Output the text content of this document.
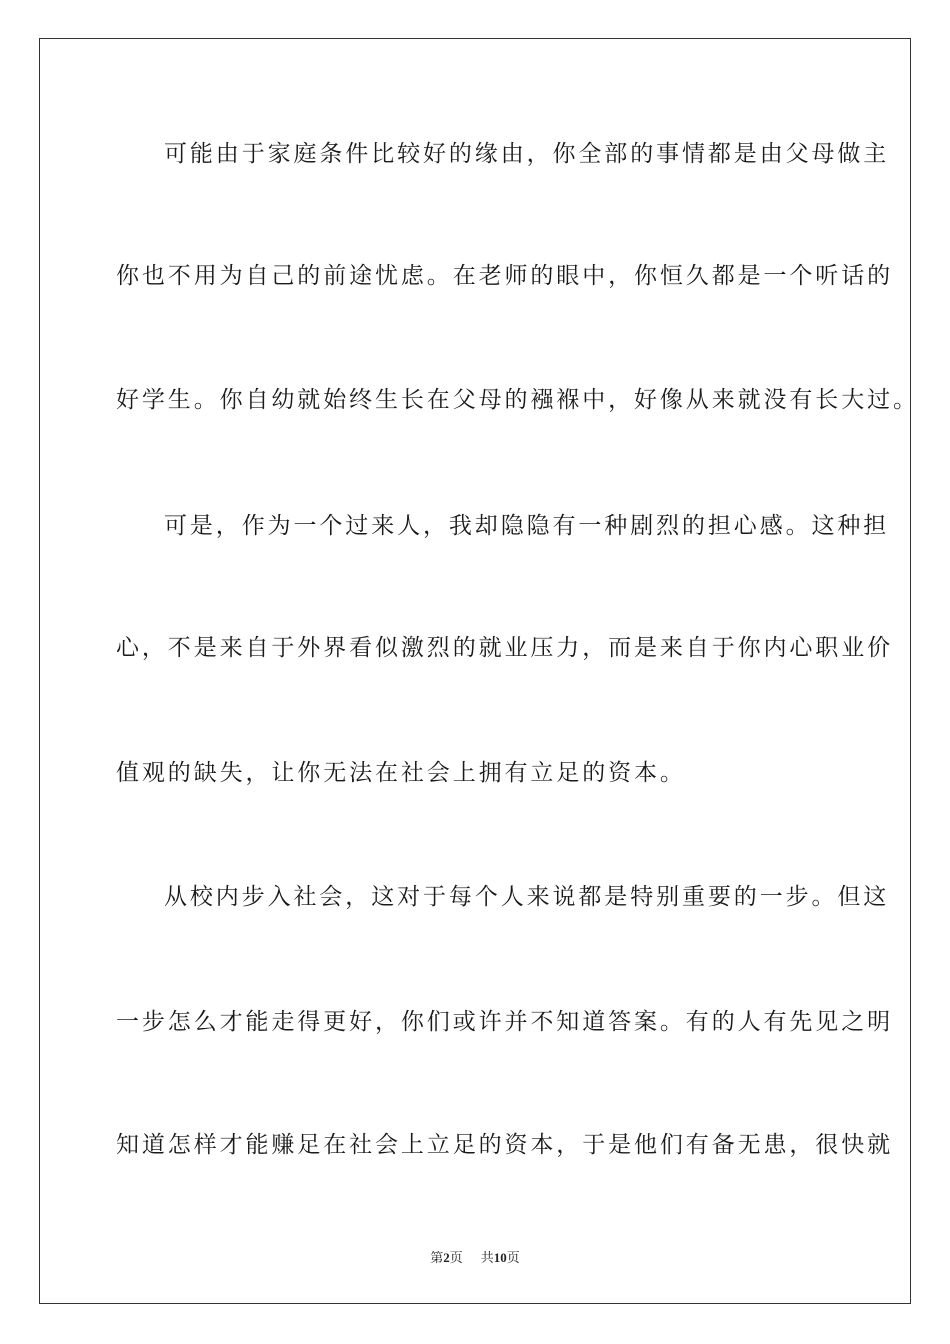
可能由于家庭条件比较好的缘由，你全部的事情都是由父母做主
你也不用为自己的前途忧虑。在老师的眼中，你恒久都是一个听话的
好学生。你自幼就始终生长在父母的襁褓中，好像从来就没有长大过。
可是，作为一个过来人，我却隐隐有一种剧烈的担心感。这种担
心，不是来自于外界看似激烈的就业压力，而是来自于你内心职业价
值观的缺失，让你无法在社会上拥有立足的资本。
从校内步入社会，这对于每个人来说都是特别重要的一步。但这
一步怎么才能走得更好，你们或许并不知道答案。有的人有先见之明
知道怎样才能赚足在社会上立足的资本，于是他们有备无患，很快就
第2页 共10页
